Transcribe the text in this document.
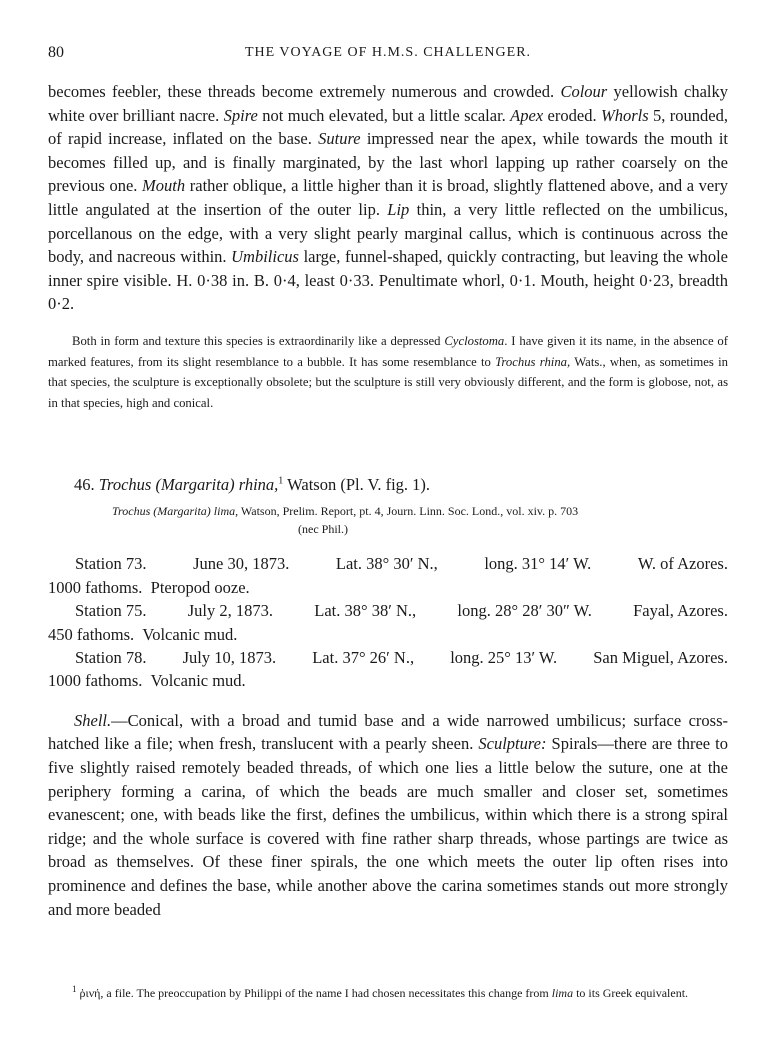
80	THE VOYAGE OF H.M.S. CHALLENGER.

becomes feebler, these threads become extremely numerous and crowded. Colour yellowish chalky white over brilliant nacre. Spire not much elevated, but a little scalar. Apex eroded. Whorls 5, rounded, of rapid increase, inflated on the base. Suture impressed near the apex, while towards the mouth it becomes filled up, and is finally marginated, by the last whorl lapping up rather coarsely on the previous one. Mouth rather oblique, a little higher than it is broad, slightly flattened above, and a very little angulated at the insertion of the outer lip. Lip thin, a very little reflected on the umbilicus, porcellanous on the edge, with a very slight pearly marginal callus, which is continuous across the body, and nacreous within. Umbilicus large, funnel-shaped, quickly contracting, but leaving the whole inner spire visible. H. 0·38 in. B. 0·4, least 0·33. Penultimate whorl, 0·1. Mouth, height 0·23, breadth 0·2.

Both in form and texture this species is extraordinarily like a depressed Cyclostoma. I have given it its name, in the absence of marked features, from its slight resemblance to a bubble. It has some resemblance to Trochus rhina, Wats., when, as sometimes in that species, the sculpture is exceptionally obsolete; but the sculpture is still very obviously different, and the form is globose, not, as in that species, high and conical.

46. Trochus (Margarita) rhina,$^1$ Watson (Pl. V. fig. 1).

Trochus (Margarita) lima, Watson, Prelim. Report, pt. 4, Journ. Linn. Soc. Lond., vol. xiv. p. 703
(nec Phil.)

Station 73.	June 30, 1873.	Lat. 38° 30′ N.,	long. 31° 14′ W.	W. of Azores.
1000 fathoms. Pteropod ooze.
Station 75.	July 2, 1873.	Lat. 38° 38′ N.,	long. 28° 28′ 30″ W.	Fayal, Azores.
450 fathoms. Volcanic mud.
Station 78. July 10, 1873. Lat. 37° 26′ N., long. 25° 13′ W. San Miguel, Azores.
1000 fathoms. Volcanic mud.

Shell.—Conical, with a broad and tumid base and a wide narrowed umbilicus; surface cross-hatched like a file; when fresh, translucent with a pearly sheen. Sculpture: Spirals—there are three to five slightly raised remotely beaded threads, of which one lies a little below the suture, one at the periphery forming a carina, of which the beads are much smaller and closer set, sometimes evanescent; one, with beads like the first, defines the umbilicus, within which there is a strong spiral ridge; and the whole surface is covered with fine rather sharp threads, whose partings are twice as broad as themselves. Of these finer spirals, the one which meets the outer lip often rises into prominence and defines the base, while another above the carina sometimes stands out more strongly and more beaded

$^1$ ῥινή, a file. The preoccupation by Philippi of the name I had chosen necessitates this change from lima to its Greek equivalent.
